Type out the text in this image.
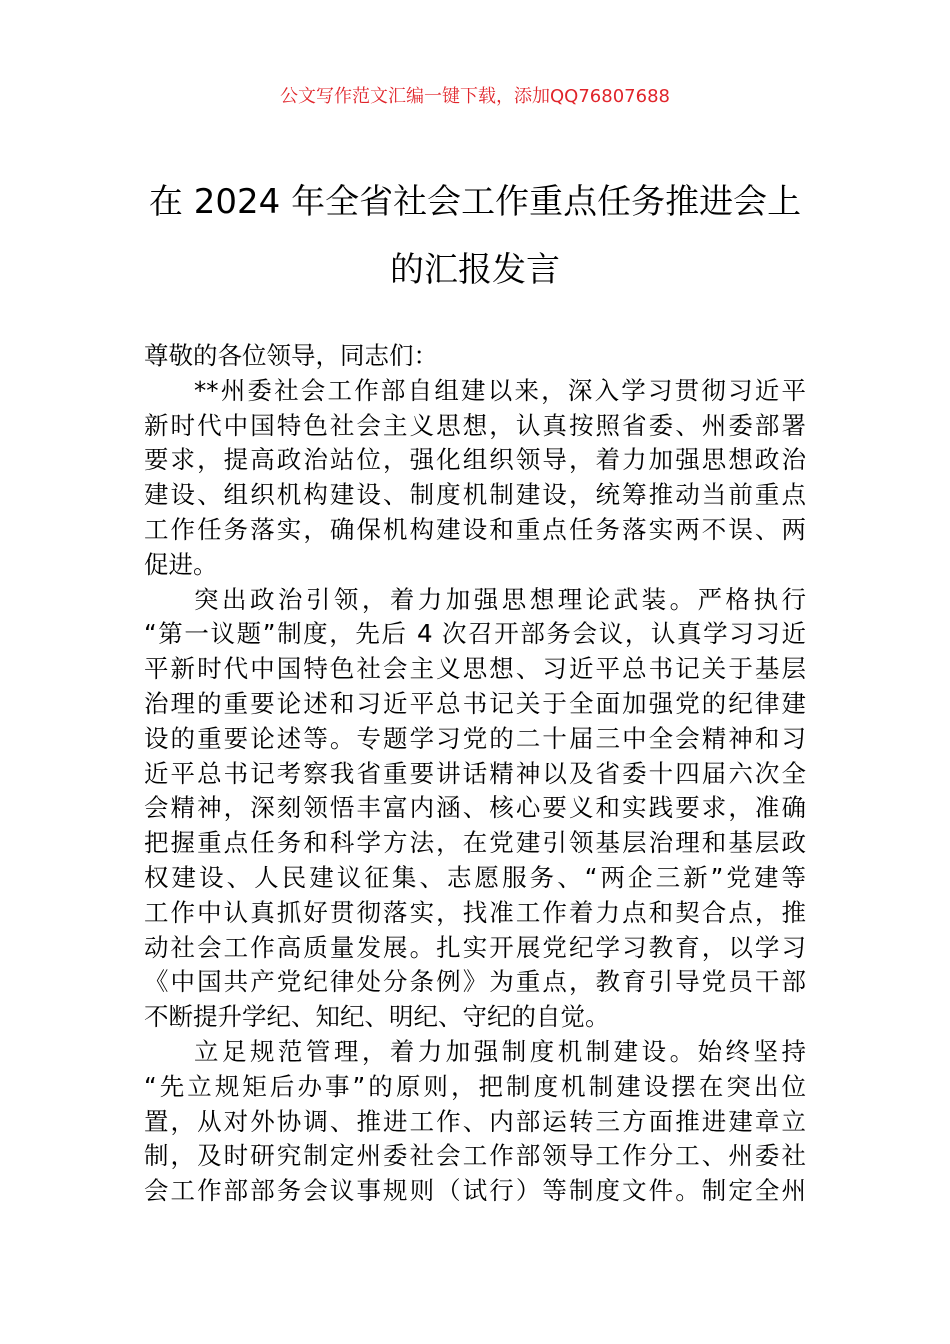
公文写作范文汇编一键下载，添加QQ76807688
在 2024 年全省社会工作重点任务推进会上
的汇报发言
尊敬的各位领导，同志们：
**州委社会工作部自组建以来，深入学习贯彻习近平
新时代中国特色社会主义思想，认真按照省委、州委部署
要求，提高政治站位，强化组织领导，着力加强思想政治
建设、组织机构建设、制度机制建设，统筹推动当前重点
工作任务落实，确保机构建设和重点任务落实两不误、两
促进。
突出政治引领，着力加强思想理论武装。严格执行
“第一议题”制度，先后 4 次召开部务会议，认真学习习近
平新时代中国特色社会主义思想、习近平总书记关于基层
治理的重要论述和习近平总书记关于全面加强党的纪律建
设的重要论述等。专题学习党的二十届三中全会精神和习
近平总书记考察我省重要讲话精神以及省委十四届六次全
会精神，深刻领悟丰富内涵、核心要义和实践要求，准确
把握重点任务和科学方法，在党建引领基层治理和基层政
权建设、人民建议征集、志愿服务、“两企三新”党建等
工作中认真抓好贯彻落实，找准工作着力点和契合点，推
动社会工作高质量发展。扎实开展党纪学习教育，以学习
《中国共产党纪律处分条例》为重点，教育引导党员干部
不断提升学纪、知纪、明纪、守纪的自觉。
立足规范管理，着力加强制度机制建设。始终坚持
“先立规矩后办事”的原则，把制度机制建设摆在突出位
置，从对外协调、推进工作、内部运转三方面推进建章立
制，及时研究制定州委社会工作部领导工作分工、州委社
会工作部部务会议事规则（试行）等制度文件。制定全州
